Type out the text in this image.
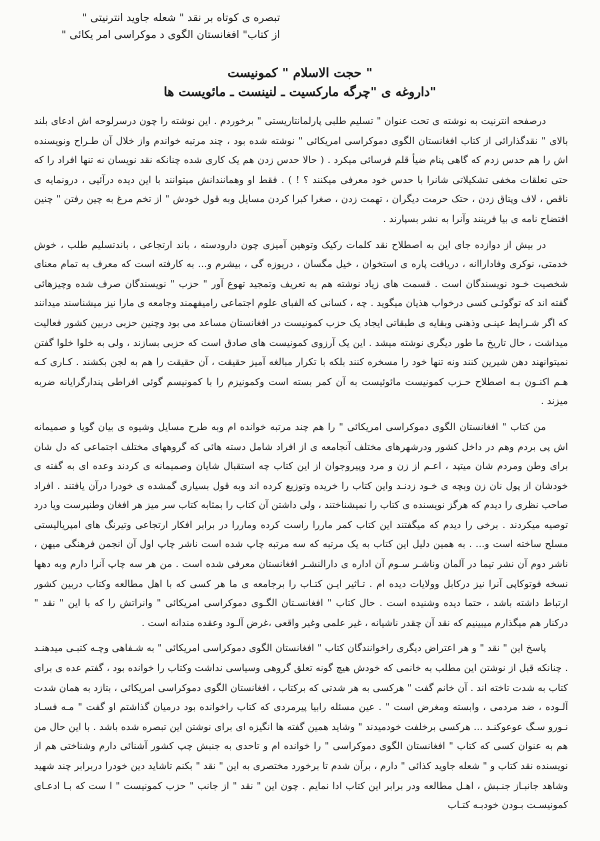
تبصره ی کوتاه بر نقد " شعله جاوید انترنیتی "
از کتاب" افغانستان الگوی د موکراسی امر یکائی "
حجت الاسلام " کمونیست "
داروغه ی "چرگه مارکسیت ـ لنینست ـ مائویست ها"

درصفحه انترنیت به نوشته ی تحت عنوان " تسلیم طلبی پارلمانتاریستی " برخوردم . این نوشته را چون درسرلوحه اش ادعای بلند بالای " نقدگذارائی از کتاب افغانستان الگوی دموکراسی امریکائی " نوشته شده بود ، چند مرتبه خواندم واز خلال آن طـراح ونویسنده اش را هم حدس زدم که گاهی پنام ضیأ قلم فرسائی میکرد . ( حالا حدس زدن هم یک کاری شده چنانکه نقد نویسان نه تنها افراد را که حتی تعلقات مخفی تشکیلاتی شانرا با حدس خود معرفی میکنند ؟ ! ) . فقط او وهمانندانش میتوانند با این دیده درآئیی ، درونمایه ی ناقص ، لاف وپتاق زدن ، حتک حرمت دیگران ، تهمت زدن ، صغرا کبرا کردن مسایل وبه قول خودش " از تخم مرغ به چین رفتن " چنین افتضاح نامه ی بیا فرینند وآنرا به نشر بسپارند .

در بیش از دوازده جای این به اصطلاح نقد کلمات رکیک وتوهین آمیزی چون دارودسته ، باند ارتجاعی ، باندتسلیم طلب ، خوش خدمتی، نوکری وفاداراانه ، دریافت پاره ی استخوان ، خیل مگسان ، دریوزه گی ، بیشرم و... به کارفته است که معرف به تمام معنای شخصیت خـود نویسندگان است . قسمت های زیاد نوشته هم به تعریف وتمجید تهوع آور " حزب " نویسندگان صرف شده وچیزهائی گفته اند که توگوئـی کسی درخواب هذیان میگوید . چه ، کسانی که الفبای علوم اجتماعی رامیفهمند وجامعه ی مارا نیز میشناسند میدانند که اگر شـرایط عینـی وذهنی وبقایه ی طبقاتی ایجاد یک حزب کمونیست در افغانستان مساعد می بود وچنین حزبی دربین کشور فعالیت میداشت ، حال تاریخ ما طور دیگری نوشته میشد . این یک آرزوی کمونیست های صادق است که حزبی بسازند ، ولی به خلوا خلوا گفتن نمیتوانهند دهن شیرین کنند ونه تنها خود را مسخره کنند بلکه با تکرار مبالغه آمیز حقیقت ، آن حقیقت را هم به لجن بکشند . کـاری کـه هـم اکنـون بـه اصطلاح حـزب کمونیست مائوئیست به آن کمر بسته است وکمونیزم را با کمونیسم گوئی افراطی پندارگرایانه ضربه میزند .

من کتاب " افغانستان الگوی دموکراسی امریکائی " را هم چند مرتبه خوانده ام وبه طرح مسایل وشیوه ی بیان گویا و صمیمانه اش پی بردم وهم در داخل کشور ودرشهرهای مختلف آنجامعه ی از افراد شامل دسته هائی که گروههای مختلف اجتماعی که دل شان برای وطن ومردم شان میتپد ، اعـم از زن و مرد وپیروجوان از این کتاب چه استقبال شایان وصمیمانه ی کردند وعده ای به گفته ی خودشان از پول نان زن وبچه ی خـود زدنـد واین کتاب را خریده وتوزیع کرده اند وبه قول بسیاری گمشده ی خودرا درآن یافتند . افراد صاحب نظری را دیدم که هرگز نویسنده ی کتاب را نمیشناختند ، ولی داشتن آن کتاب را بمثابه کتاب سر میز هر افغان وطنپرست ویا درد توصیه میکردند . برخی را دیدم که میگفتند این کتاب کمر ماررا راست کرده وماررا در برابر افکار ارتجاعی وتیرنگ های امپریالیستی مسلح ساخته است و... . به همین دلیل این کتاب به یک مرتبه که سه مرتبه چاپ شده است ناشر چاپ اول آن انجمن فرهنگی میهن ، ناشر دوم آن نشر تیما در آلمان وناشـر سـوم آن اداره ی دارالنشـر افغانستان معرفی شده است . من هر سه چاپ آنرا دارم وبه دهها نسخه فوتوکاپی آنرا نیز درکابل وولایات دیده ام . تـاثیر ایـن کتـاب را برجامعه ی ما هر کسی که با اهل مطالعه وکتاب دربین کشور ارتباط داشته باشد ، حتما دیده وشنیده است . حال کتاب " افغانسـتان الگـوی دموکراسی امریکائی " وانراتش را که با این " نقد " درکنار هم میگذارم میبینیم که نقد آن چقدر ناشیانه ، غیر علمی وغیر واقعی ،غرض آلـود وعقده مندانه است .

پاسخ این " نقد " و هر اعتراض دیگری راخوانندگان کتاب " افغانستان الگوی دموکراسی امریکائی " به شـفاهی وچـه کتبـی میدهنـد . چنانکه قبل از نوشتن این مطلب به خانمی که خودش هیچ گونه تعلق گروهی وسیاسی نداشت وکتاب را خوانده بود ، گفتم عده ی برای کتاب به شدت تاخته اند . آن خانم گفت " هرکسی به هر شدتی که برکتاب ، افغانستان الگوی دموکراسی امریکائی ، بتازد به همان شدت آلـوده ، ضد مردمی ، وابسته ومغرض است " . عین مسئله رابیا پیرمردی که کتاب راخوانده بود درمیان گذاشتم او گفت " مـه فسـاد نـورو سـگ عوعوکنـد ... هرکسی برخلفت خودمیدند " وشاید همین گفته ها انگیزه ای برای نوشتن این تبصره شده باشد . با این حال من هم به عنوان کسی که کتاب " افغانستان الگوی دموکراسی " را خوانده ام و تاحدی به جنبش چپ کشور آشنائی دارم وشناختی هم از نویسنده نقد کتاب و " شعله جاوید کذائی " دارم ، برآن شدم تا برخورد مختصری به این " نقد " بکنم تاشاید دین خودرا دربرابر چند شهید وشاهد جانبـاز جنـبش ، اهـل مطالعه ودر برابر این کتاب ادا نمایم . چون این " نقد " از جانب " حزب کمونیست " ا ست که بـا ادعـای کمونیسـت بـودن خودبـه کتـاب
